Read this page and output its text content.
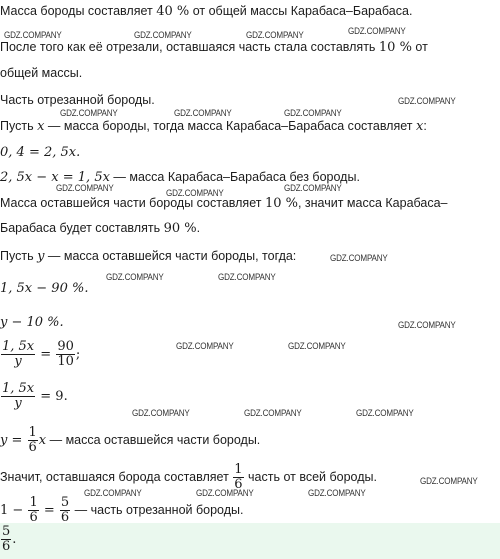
Масса бороды составляет 40 % от общей массы Карабаса–Барабаса.
После того как её отрезали, оставшаяся часть стала составлять 10 % от
общей массы.
Часть отрезанной бороды.
Пусть x — масса бороды, тогда масса Карабаса–Барабаса составляет x:
0, 4 = 2, 5x.
2, 5x − x = 1, 5x — масса Карабаса–Барабаса без бороды.
Масса оставшейся части бороды составляет 10 %, значит масса Карабаса–
Барабаса будет составлять 90 %.
Пусть y — масса оставшейся части бороды, тогда:
1, 5x − 90 %.
y − 10 %.
$\frac{1, 5x}{y} = \frac{90}{10}$ ;
$\frac{1, 5x}{y} = 9$.
$y = \frac{1}{6}$ x — масса оставшейся части бороды.
Значит, оставшаяся борода составляет $\frac{1}{6}$ часть от всей бороды.
$1 - \frac{1}{6} = \frac{5}{6}$ — часть отрезанной бороды.
$\frac{5}{6}$ .
GDZ.COMPANY	GDZ.COMPANY	GDZ.COMPANY	GDZ.COMPANY
GDZ.COMPANY
GDZ.COMPANY	GDZ.COMPANY	GDZ.COMPANY
GDZ.COMPANY	GDZ.COMPANY	GDZ.COMPANY
GDZ.COMPANY
GDZ.COMPANY	GDZ.COMPANY
GDZ.COMPANY
GDZ.COMPANY	GDZ.COMPANY
GDZ.COMPANY	GDZ.COMPANY	GDZ.COMPANY
GDZ.COMPANY
GDZ.COMPANY	GDZ.COMPANY	GDZ.COMPANY
